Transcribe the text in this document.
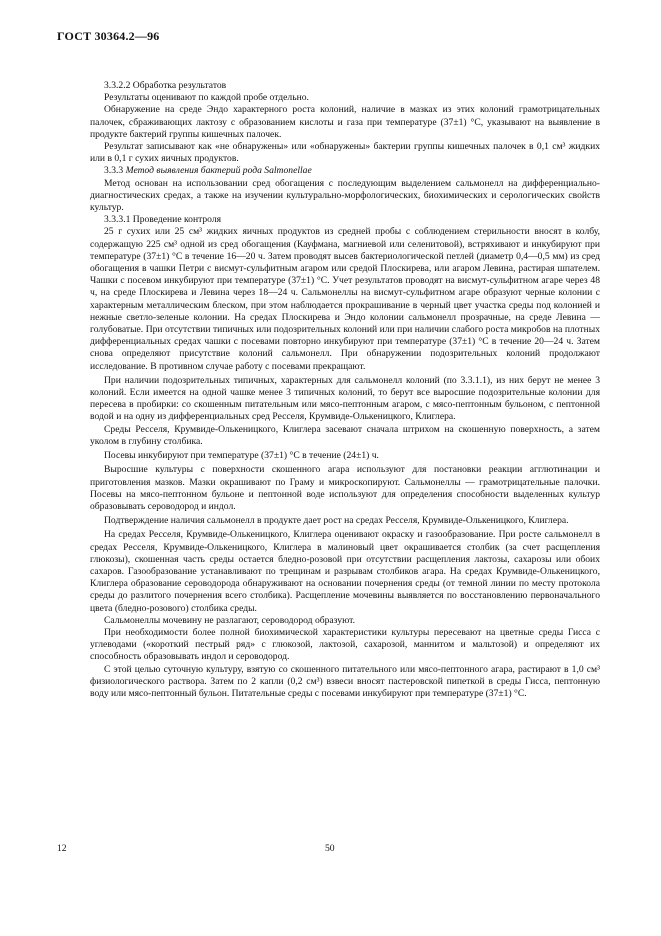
ГОСТ 30364.2—96

3.3.2.2 Обработка результатов

Результаты оценивают по каждой пробе отдельно.

Обнаружение на среде Эндо характерного роста колоний, наличие в мазках из этих колоний грамотрицательных палочек, сбраживающих лактозу с образованием кислоты и газа при температуре (37±1) °С, указывают на выявление в продукте бактерий группы кишечных палочек.

Результат записывают как «не обнаружены» или «обнаружены» бактерии группы кишечных палочек в 0,1 см³ жидких или в 0,1 г сухих яичных продуктов.

3.3.3 Метод выявления бактерий рода Salmonellae

Метод основан на использовании сред обогащения с последующим выделением сальмонелл на дифференциально-диагностических средах, а также на изучении культурально-морфологических, биохимических и серологических свойств культур.

3.3.3.1 Проведение контроля

25 г сухих или 25 см³ жидких яичных продуктов из средней пробы с соблюдением стерильности вносят в колбу, содержащую 225 см³ одной из сред обогащения (Кауфмана, магниевой или селенитовой), встряхивают и инкубируют при температуре (37±1) °С в течение 16—20 ч. Затем проводят высев бактериологической петлей (диаметр 0,4—0,5 мм) из сред обогащения в чашки Петри с висмут-сульфитным агаром или средой Плоскирева, или агаром Левина, растирая шпателем. Чашки с посевом инкубируют при температуре (37±1) °С. Учет результатов проводят на висмут-сульфитном агаре через 48 ч, на среде Плоскирева и Левина через 18—24 ч. Сальмонеллы на висмут-сульфитном агаре образуют черные колонии с характерным металлическим блеском, при этом наблюдается прокрашивание в черный цвет участка среды под колонией и нежные светло-зеленые колонии. На средах Плоскирева и Эндо колонии сальмонелл прозрачные, на среде Левина — голубоватые. При отсутствии типичных или подозрительных колоний или при наличии слабого роста микробов на плотных дифференциальных средах чашки с посевами повторно инкубируют при температуре (37±1) °С в течение 20—24 ч. Затем снова определяют присутствие колоний сальмонелл. При обнаружении подозрительных колоний продолжают исследование. В противном случае работу с посевами прекращают.

При наличии подозрительных типичных, характерных для сальмонелл колоний (по 3.3.1.1), из них берут не менее 3 колоний. Если имеется на одной чашке менее 3 типичных колоний, то берут все выросшие подозрительные колонии для пересева в пробирки: со скошенным питательным или мясо-пептонным агаром, с мясо-пептонным бульоном, с пептонной водой и на одну из дифференциальных сред Ресселя, Крумвиде-Олькеницкого, Клиглера.

Среды Ресселя, Крумвиде-Олькеницкого, Клиглера засевают сначала штрихом на скошенную поверхность, а затем уколом в глубину столбика.

Посевы инкубируют при температуре (37±1) °С в течение (24±1) ч.

Выросшие культуры с поверхности скошенного агара используют для постановки реакции агглютинации и приготовления мазков. Мазки окрашивают по Граму и микроскопируют. Сальмонеллы — грамотрицательные палочки. Посевы на мясо-пептонном бульоне и пептонной воде используют для определения способности выделенных культур образовывать сероводород и индол.

Подтверждение наличия сальмонелл в продукте дает рост на средах Ресселя, Крумвиде-Олькеницкого, Клиглера.

На средах Ресселя, Крумвиде-Олькеницкого, Клиглера оценивают окраску и газообразование. При росте сальмонелл в средах Ресселя, Крумвиде-Олькеницкого, Клиглера в малиновый цвет окрашивается столбик (за счет расщепления глюкозы), скошенная часть среды остается бледно-розовой при отсутствии расщепления лактозы, сахарозы или обоих сахаров. Газообразование устанавливают по трещинам и разрывам столбиков агара. На средах Крумвиде-Олькеницкого, Клиглера образование сероводорода обнаруживают на основании почернения среды (от темной линии по месту протокола среды до разлитого почернения всего столбика). Расщепление мочевины выявляется по восстановлению первоначального цвета (бледно-розового) столбика среды.

Сальмонеллы мочевину не разлагают, сероводород образуют.

При необходимости более полной биохимической характеристики культуры пересевают на цветные среды Гисса с углеводами («короткий пестрый ряд» с глюкозой, лактозой, сахарозой, маннитом и мальтозой) и определяют их способность образовывать индол и сероводород.

С этой целью суточную культуру, взятую со скошенного питательного или мясо-пептонного агара, растирают в 1,0 см³ физиологического раствора. Затем по 2 капли (0,2 см³) взвеси вносят пастеровской пипеткой в среды Гисса, пептонную воду или мясо-пептонный бульон. Питательные среды с посевами инкубируют при температуре (37±1) °С.

12	50
